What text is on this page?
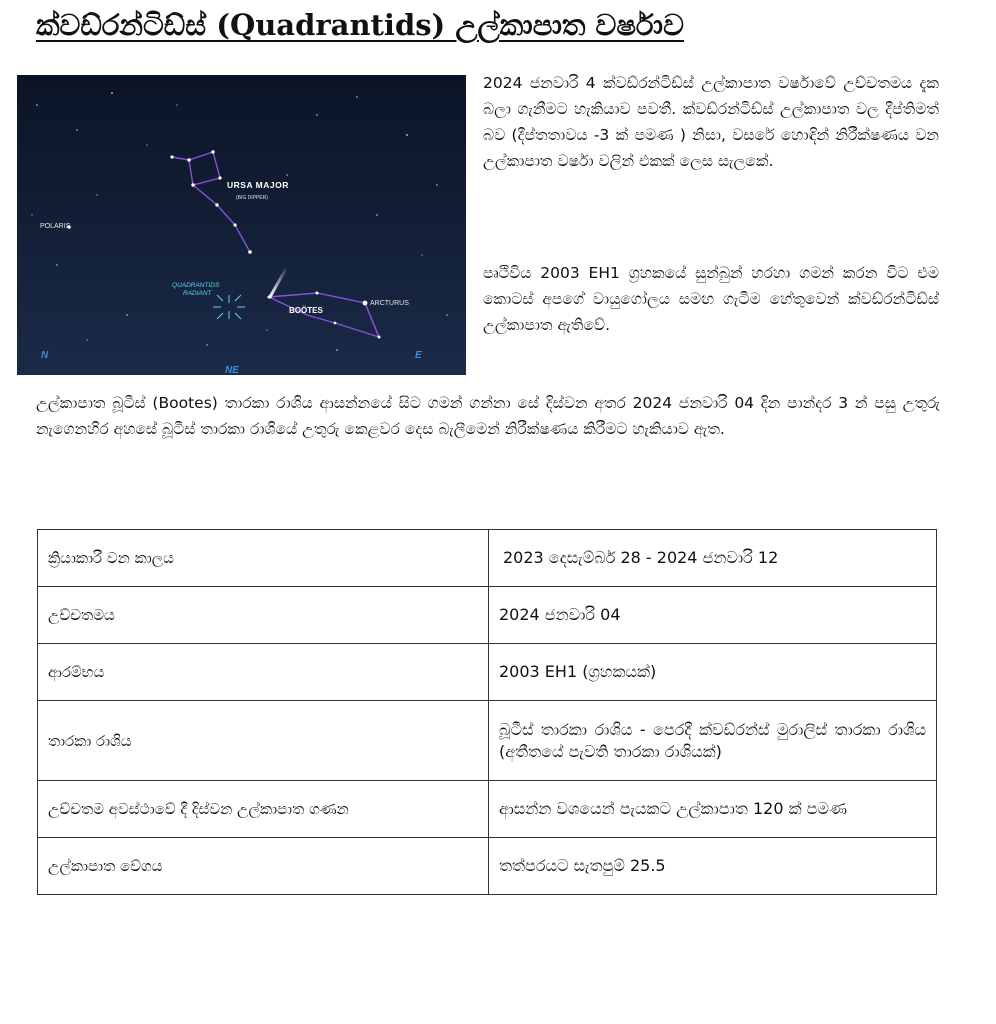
ක්වඩ්රන්ටිඩ්ස් (Quadrantids) උල්කාපාත වර්ෂාව
URSA MAJOR
(BIG DIPPER)
POLARIS
QUADRANTIDS
RADIANT
BOÖTES
ARCTURUS
N
NE
E

2024 ජනවාරි 4 ක්වඩ්රන්ටිඩ්ස් උල්කාපාත වර්ෂාවේ උච්චතමය දැක බලා ගැනීමට හැකියාව පවතී. ක්වඩ්රන්ටිඩ්ස් උල්කාපාත වල දීප්තිමත් බව (දීප්තතාවය -3 ක් පමණ ) නිසා, වසරේ හොඳින් නිරීක්ෂණය වන උල්කාපාත වර්ෂා වලින් එකක් ලෙස සැලකේ.

පෘථිවිය 2003 EH1 ග්‍රහකයේ සුන්බුන් හරහා ගමන් කරන විට එම කොටස් අපගේ වායුගෝලය සමඟ ගැටීම හේතුවෙන් ක්වඩ්රන්ටිඩ්ස් උල්කාපාත ඇතිවේ.

උල්කාපාත බූටීස් (Bootes) තාරකා රාශිය ආසන්නයේ සිට ගමන් ගන්නා සේ දිස්වන අතර 2024 ජනවාරි 04 දින පාන්දර 3 න් පසු උතුරු නැගෙනහිර අහසේ බූටීස් තාරකා රාශියේ උතුරු කෙළවර දෙස බැලීමෙන් නිරීක්ෂණය කිරීමට හැකියාව ඇත.

ක්‍රියාකාරී වන කාලය	2023 දෙසැම්බර් 28 - 2024 ජනවාරි 12
උච්චතමය	2024 ජනවාරි 04
ආරම්භය	2003 EH1 (ග්‍රහකයක්)
තාරකා රාශිය	බූටීස් තාරකා රාශිය - පෙරදී ක්වඩ්රන්ස් මුරාලිස් තාරකා රාශිය (අතීතයේ පැවති තාරකා රාශියක්)
උච්චතම අවස්ථාවේ දී දිස්වන උල්කාපාත ගණන	ආසන්න වශයෙන් පැයකට උල්කාපාත 120 ක් පමණ
උල්කාපාත වේගය	තත්පරයට සැතපුම් 25.5
